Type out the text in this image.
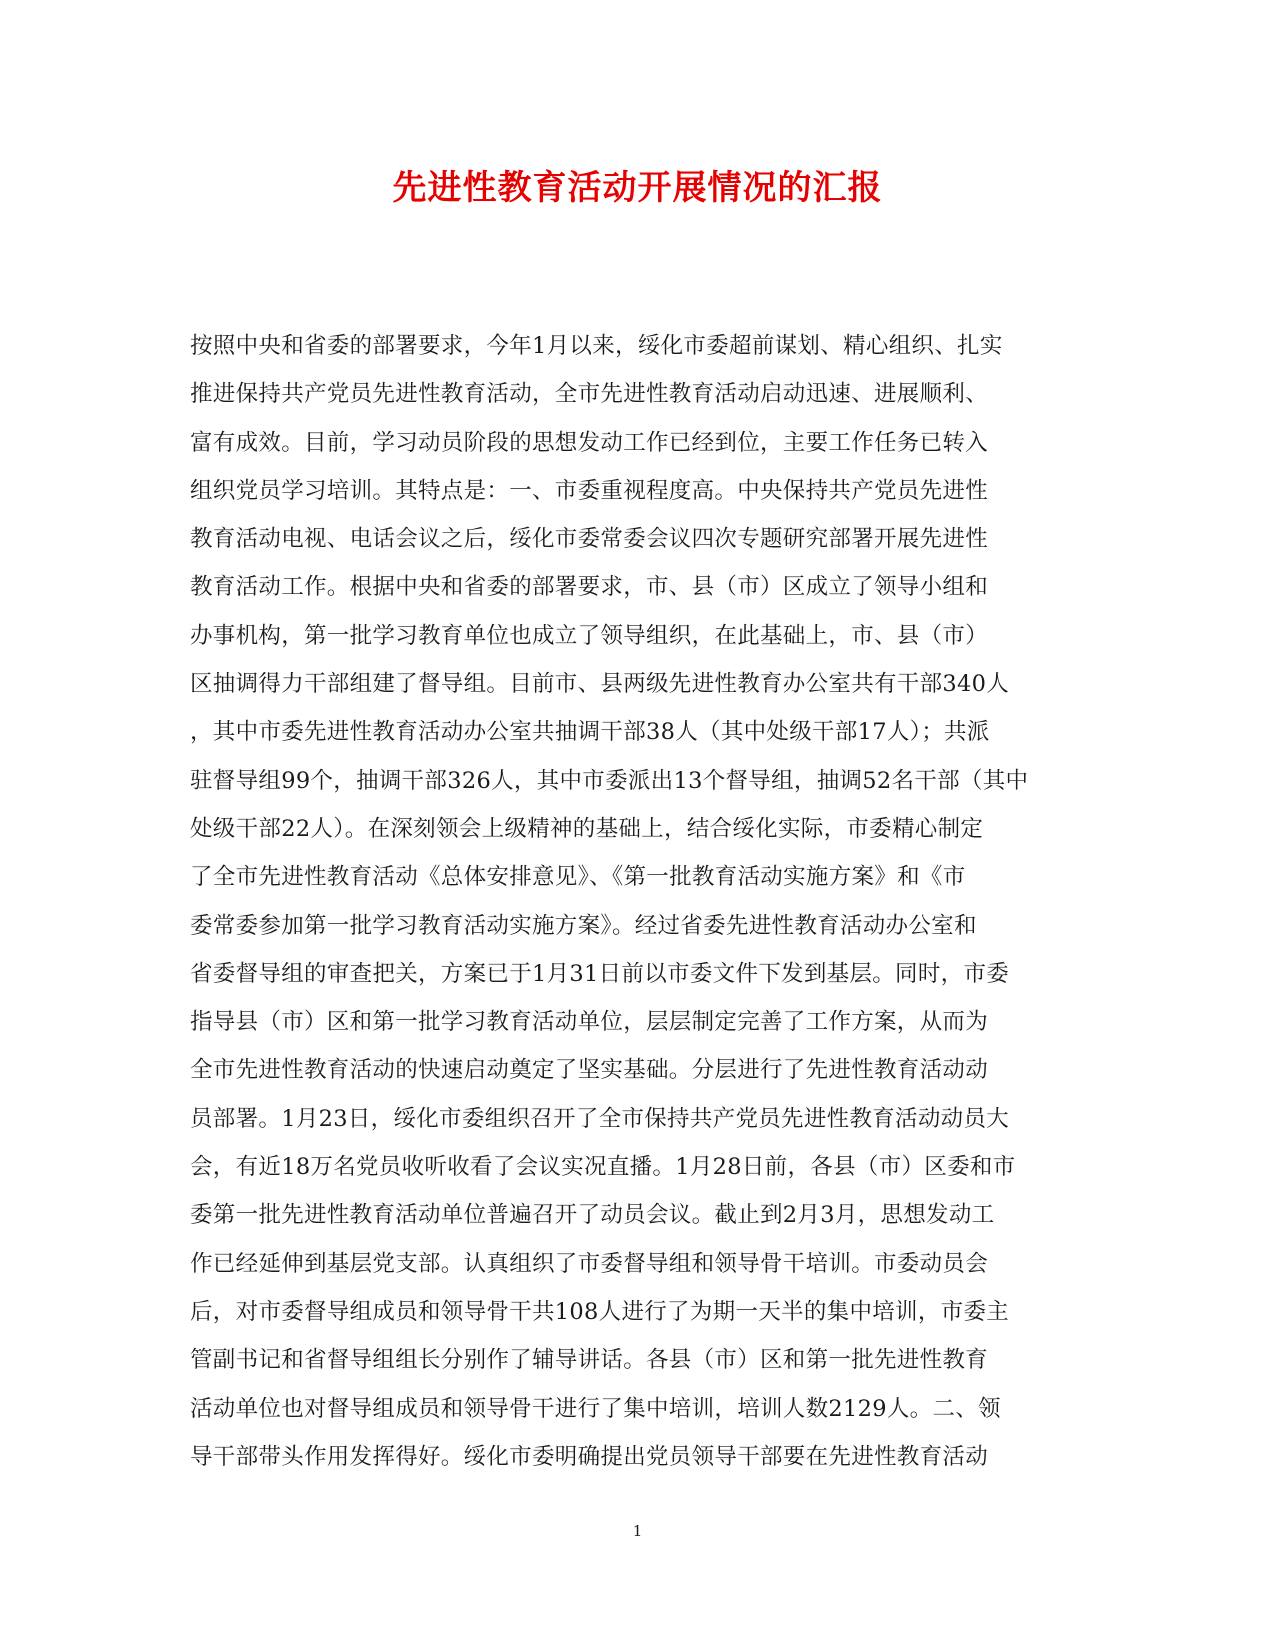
先进性教育活动开展情况的汇报
按照中央和省委的部署要求，今年1月以来，绥化市委超前谋划、精心组织、扎实
推进保持共产党员先进性教育活动，全市先进性教育活动启动迅速、进展顺利、
富有成效。目前，学习动员阶段的思想发动工作已经到位，主要工作任务已转入
组织党员学习培训。其特点是：一、市委重视程度高。中央保持共产党员先进性
教育活动电视、电话会议之后，绥化市委常委会议四次专题研究部署开展先进性
教育活动工作。根据中央和省委的部署要求，市、县（市）区成立了领导小组和
办事机构，第一批学习教育单位也成立了领导组织，在此基础上，市、县（市）
区抽调得力干部组建了督导组。目前市、县两级先进性教育办公室共有干部340人
，其中市委先进性教育活动办公室共抽调干部38人（其中处级干部17人）；共派
驻督导组99个，抽调干部326人，其中市委派出13个督导组，抽调52名干部（其中
处级干部22人）。在深刻领会上级精神的基础上，结合绥化实际，市委精心制定
了全市先进性教育活动《总体安排意见》、《第一批教育活动实施方案》和《市
委常委参加第一批学习教育活动实施方案》。经过省委先进性教育活动办公室和
省委督导组的审查把关，方案已于1月31日前以市委文件下发到基层。同时，市委
指导县（市）区和第一批学习教育活动单位，层层制定完善了工作方案，从而为
全市先进性教育活动的快速启动奠定了坚实基础。分层进行了先进性教育活动动
员部署。1月23日，绥化市委组织召开了全市保持共产党员先进性教育活动动员大
会，有近18万名党员收听收看了会议实况直播。1月28日前，各县（市）区委和市
委第一批先进性教育活动单位普遍召开了动员会议。截止到2月3月，思想发动工
作已经延伸到基层党支部。认真组织了市委督导组和领导骨干培训。市委动员会
后，对市委督导组成员和领导骨干共108人进行了为期一天半的集中培训，市委主
管副书记和省督导组组长分别作了辅导讲话。各县（市）区和第一批先进性教育
活动单位也对督导组成员和领导骨干进行了集中培训，培训人数2129人。二、领
导干部带头作用发挥得好。绥化市委明确提出党员领导干部要在先进性教育活动
1
